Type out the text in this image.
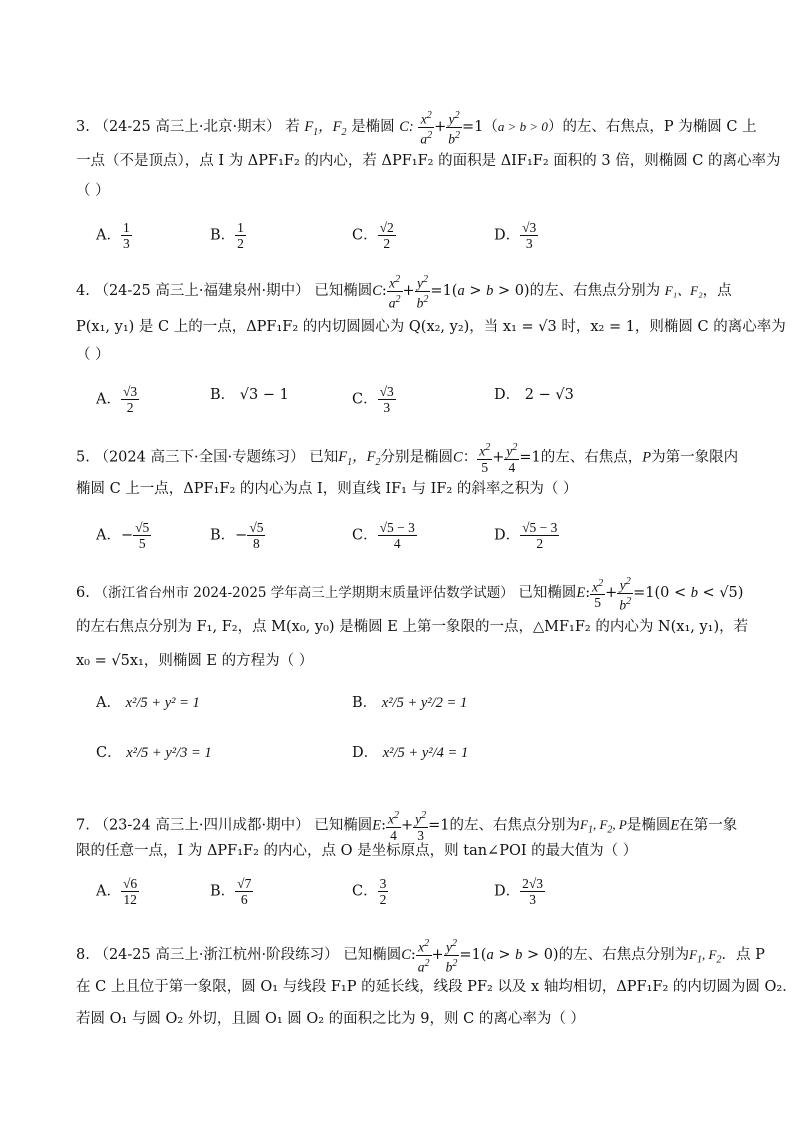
3. （24-25 高三上·北京·期末） 若 $F_1$，$F_2$ 是椭圆 C: $\frac{x^2}{a^2} + \frac{y^2}{b^2} =1(a > b > 0)$的左、右焦点，P 为椭圆 C 上
一点（不是顶点），点 I 为 ΔPF₁F₂ 的内心，若 ΔPF₁F₂ 的面积是 ΔIF₁F₂ 面积的 3 倍，则椭圆 C 的离心率为
（ ）
A． $\frac{1}{3}$	B． $\frac{1}{2}$	C． $\frac{√2}{2}$	D． $\frac{√3}{3}$
4. （24-25 高三上·福建泉州·期中） 已知椭圆C: $\frac{x^2}{a^2} + \frac{y^2}{b^2} =1(a > b > 0)$的左、右焦点分别为 F₁、F₂，点
P(x₁, y₁) 是 C 上的一点，ΔPF₁F₂ 的内切圆圆心为 Q(x₂, y₂)，当 x₁ = √3 时，x₂ = 1，则椭圆 C 的离心率为
（ ）
A． $\frac{√3}{2}$	B． √3 − 1	C． $\frac{√3}{3}$	D． 2 − √3
5. （2024 高三下·全国·专题练习） 已知$F_1$，$F_2$分别是椭圆C： $\frac{x^2}{5} + \frac{y^2}{4} =1$的左、右焦点，P为第一象限内
椭圆 C 上一点，ΔPF₁F₂ 的内心为点 I，则直线 IF₁ 与 IF₂ 的斜率之积为（ ）
A．− $\frac{√5}{5}$	B．− $\frac{√5}{8}$	C． $\frac{√5 - 3}{4}$	D． $\frac{√5 - 3}{2}$
6. （浙江省台州市 2024-2025 学年高三上学期期末质量评估数学试题） 已知椭圆E: $\frac{x^2}{5} + \frac{y^2}{b^2} =1(0 < b < √5)$
的左右焦点分别为 F₁, F₂，点 M(x₀, y₀) 是椭圆 E 上第一象限的一点，△MF₁F₂ 的内心为 N(x₁, y₁)，若
x₀ = √5x₁，则椭圆 E 的方程为（ ）
A． x²/5 + y² = 1	B． x²/5 + y²/2 = 1
C． x²/5 + y²/3 = 1	D． x²/5 + y²/4 = 1
7. （23-24 高三上·四川成都·期中） 已知椭圆E: $\frac{x^2}{4} + \frac{y^2}{3} =1$的左、右焦点分别为$F_1$, $F_2$, P是椭圆E在第一象
限的任意一点，I 为 ΔPF₁F₂ 的内心，点 O 是坐标原点，则 tan∠POI 的最大值为（ ）
A． $\frac{√6}{12}$	B． $\frac{√7}{6}$	C． $\frac{3}{2}$	D． $\frac{2√3}{3}$
8. （24-25 高三上·浙江杭州·阶段练习） 已知椭圆C: $\frac{x^2}{a^2} + \frac{y^2}{b^2} =1(a > b > 0)$的左、右焦点分别为$F_1$, $F_2$．点 P
在 C 上且位于第一象限，圆 O₁ 与线段 F₁P 的延长线，线段 PF₂ 以及 x 轴均相切，ΔPF₁F₂ 的内切圆为圆 O₂．
若圆 O₁ 与圆 O₂ 外切，且圆 O₁ 圆 O₂ 的面积之比为 9，则 C 的离心率为（ ）
